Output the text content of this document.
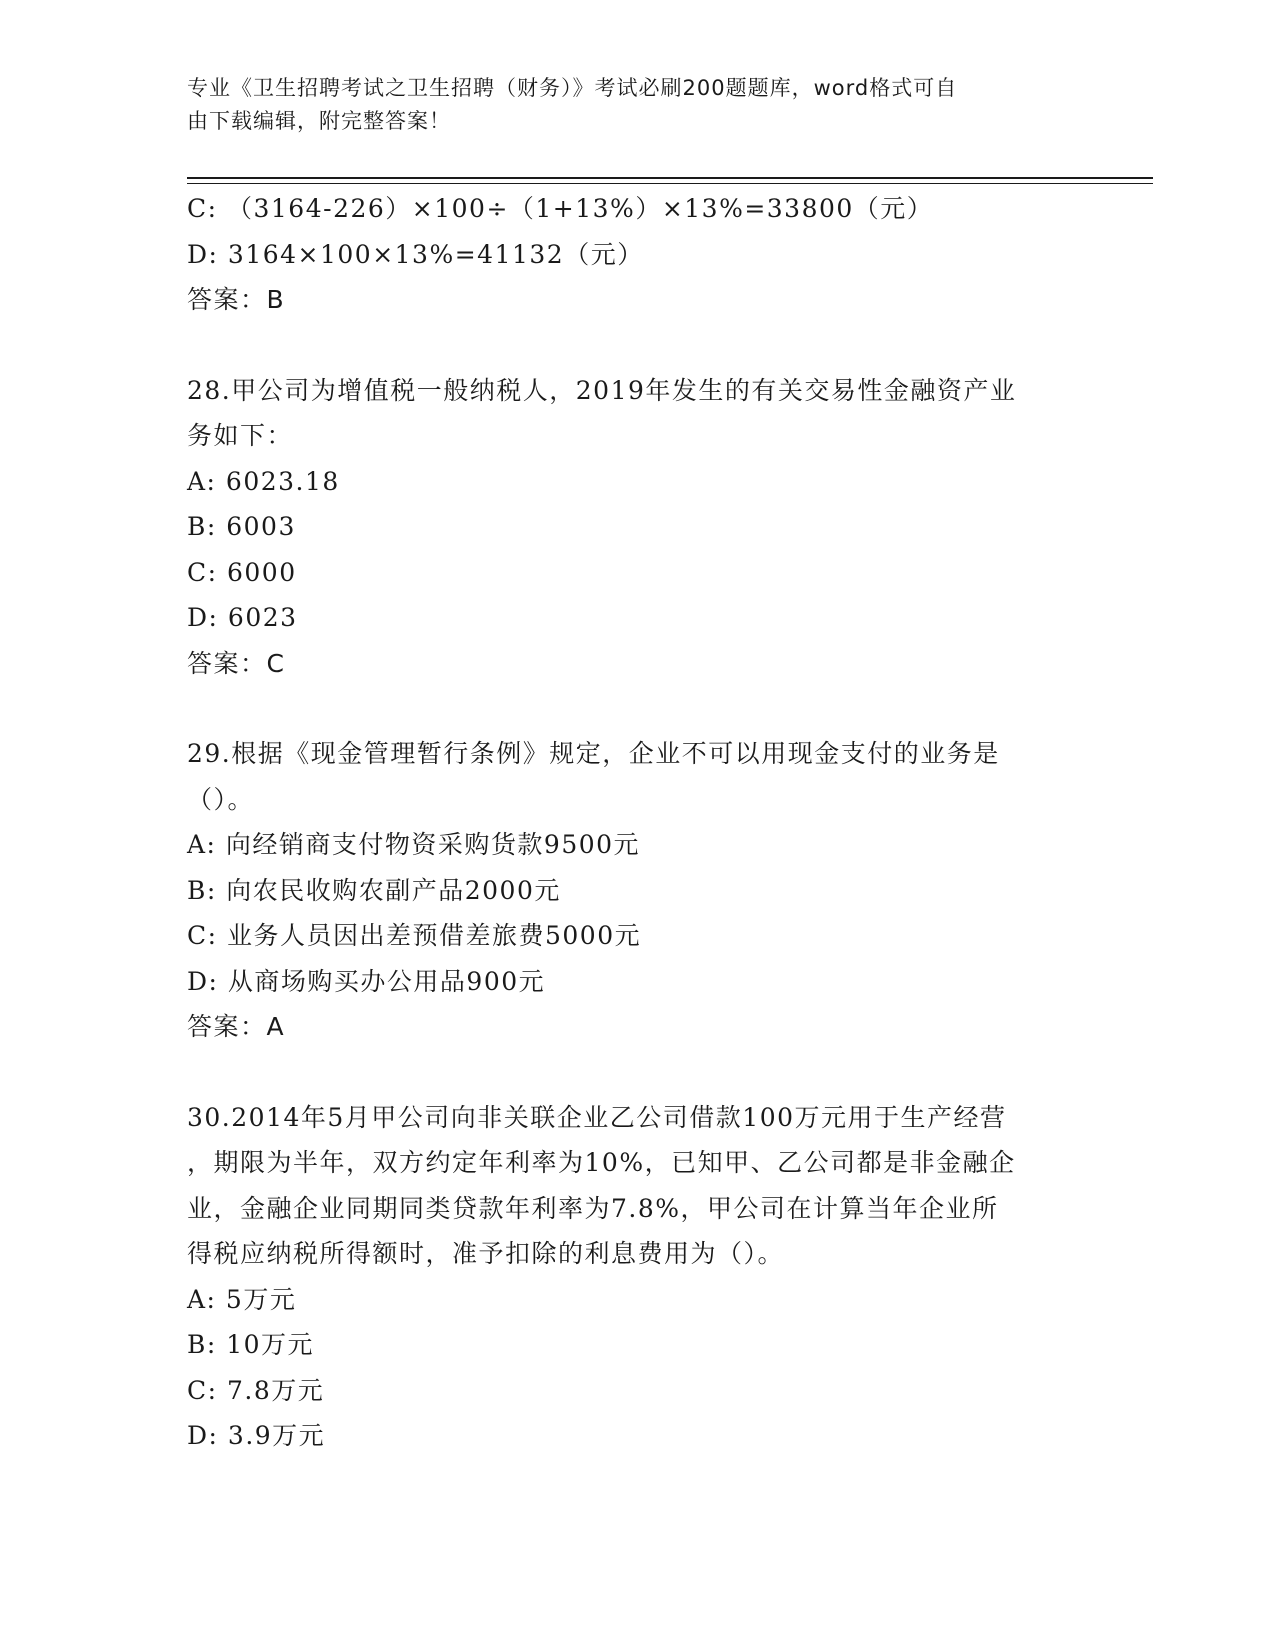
专业《卫生招聘考试之卫生招聘（财务）》考试必刷200题题库，word格式可自
由下载编辑，附完整答案！
C: （3164-226）×100÷（1+13%）×13%=33800（元）
D: 3164×100×13%=41132（元）
答案：B
28.甲公司为增值税一般纳税人，2019年发生的有关交易性金融资产业
务如下：
A: 6023.18
B: 6003
C: 6000
D: 6023
答案：C
29.根据《现金管理暂行条例》规定，企业不可以用现金支付的业务是
（）。
A: 向经销商支付物资采购货款9500元
B: 向农民收购农副产品2000元
C: 业务人员因出差预借差旅费5000元
D: 从商场购买办公用品900元
答案：A
30.2014年5月甲公司向非关联企业乙公司借款100万元用于生产经营
，期限为半年，双方约定年利率为10%，已知甲、乙公司都是非金融企
业，金融企业同期同类贷款年利率为7.8%，甲公司在计算当年企业所
得税应纳税所得额时，准予扣除的利息费用为（）。
A: 5万元
B: 10万元
C: 7.8万元
D: 3.9万元
